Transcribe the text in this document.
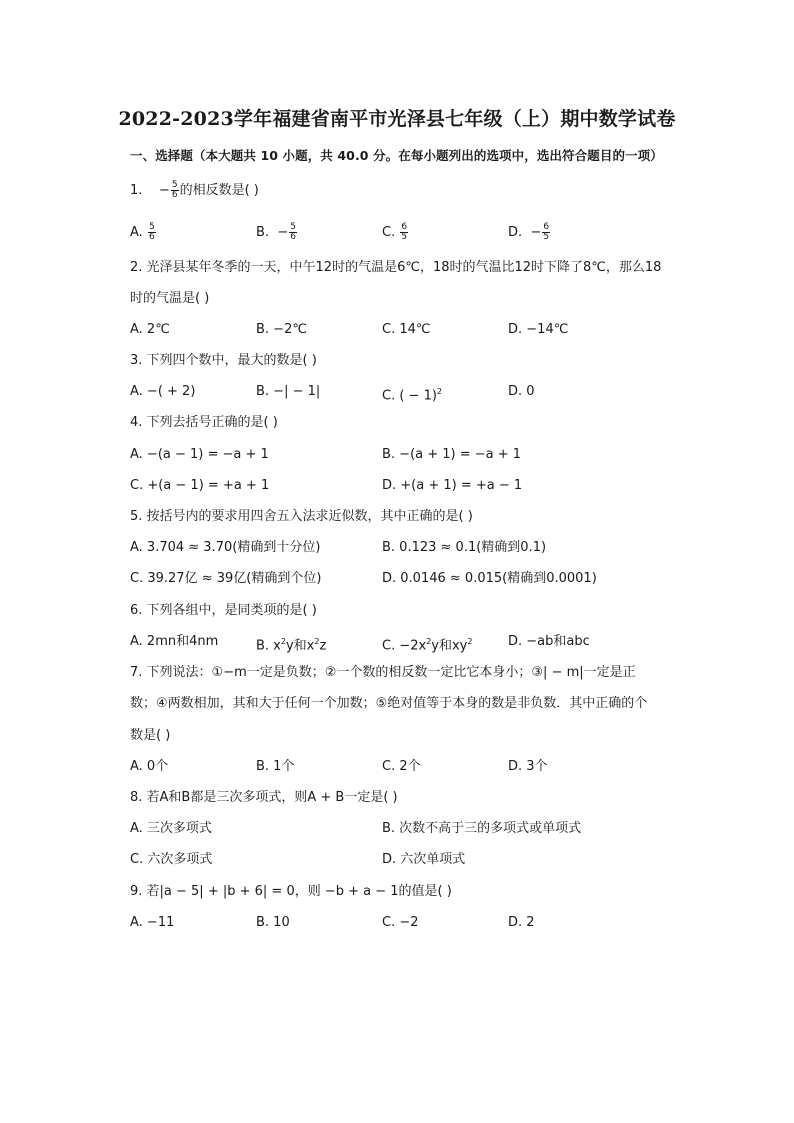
2022-2023学年福建省南平市光泽县七年级（上）期中数学试卷
一、选择题（本大题共 10 小题，共 40.0 分。在每小题列出的选项中，选出符合题目的一项）
1. − $\frac{5}{6}$ 的相反数是( )
A. $\frac{5}{6}$	B. − $\frac{5}{6}$	C. $\frac{6}{5}$	D. − $\frac{6}{5}$
2. 光泽县某年冬季的一天，中午12时的气温是6℃，18时的气温比12时下降了8℃，那么18
时的气温是( )
A. 2℃	B. −2℃	C. 14℃	D. −14℃
3. 下列四个数中，最大的数是( )
A. −( + 2)	B. −| − 1|	C. ( − 1)$^2$	D. 0
4. 下列去括号正确的是( )
A. −(a − 1) = −a + 1	B. −(a + 1) = −a + 1
C. +(a − 1) = +a + 1	D. +(a + 1) = +a − 1
5. 按括号内的要求用四舍五入法求近似数，其中正确的是( )
A. 3.704 ≈ 3.70(精确到十分位)	B. 0.123 ≈ 0.1(精确到0.1)
C. 39.27亿 ≈ 39亿(精确到个位)	D. 0.0146 ≈ 0.015(精确到0.0001)
6. 下列各组中，是同类项的是( )
A. 2mn和4nm	B. $x^2y$和$x^2z$	C. $-2x^2y$和$xy^2$	D. −ab和abc
7. 下列说法：①−m一定是负数；②一个数的相反数一定比它本身小；③| − m|一定是正
数；④两数相加，其和大于任何一个加数；⑤绝对值等于本身的数是非负数．其中正确的个
数是( )
A. 0个	B. 1个	C. 2个	D. 3个
8. 若A和B都是三次多项式，则A + B一定是( )
A. 三次多项式	B. 次数不高于三的多项式或单项式
C. 六次多项式	D. 六次单项式
9. 若|a − 5| + |b + 6| = 0，则 −b + a − 1的值是( )
A. −11	B. 10	C. −2	D. 2
